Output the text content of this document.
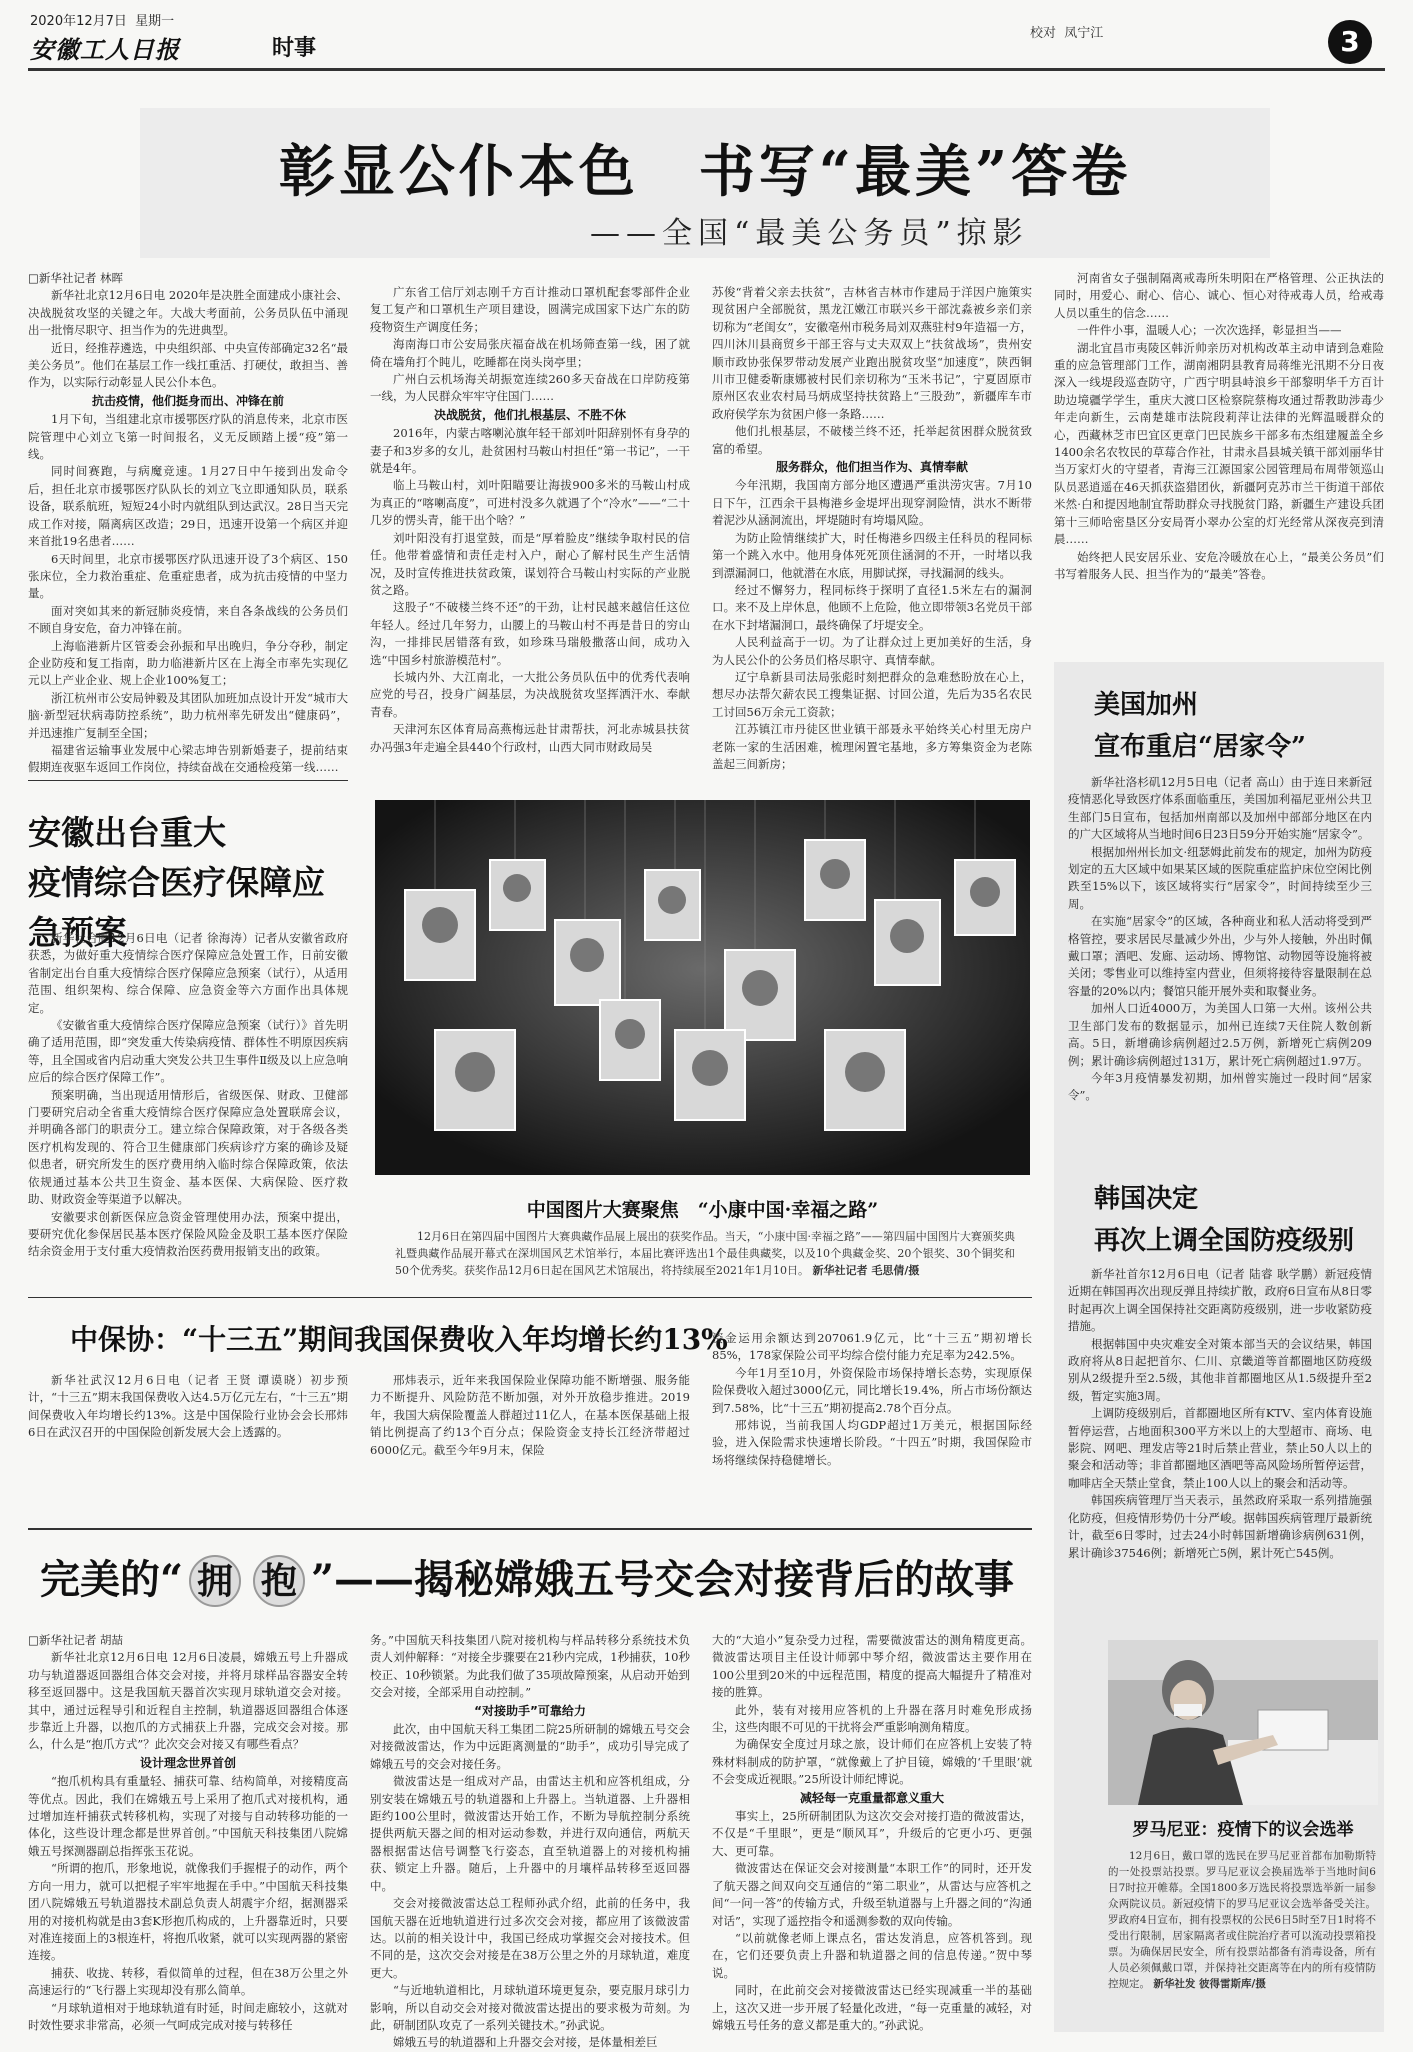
2020年12月7日 星期一
安徽工人日报	时事
校对 凤宁江	3
彰显公仆本色　书写“最美”答卷
——全国“最美公务员”掠影
□新华社记者 林晖

新华社北京12月6日电 2020年是决胜全面建成小康社会、决战脱贫攻坚的关键之年。大战大考面前，公务员队伍中涌现出一批惰尽职守、担当作为的先进典型。

近日，经推荐遴选，中央组织部、中央宣传部确定32名“最美公务员”。他们在基层工作一线扛重活、打硬仗，敢担当、善作为，以实际行动彰显人民公仆本色。

抗击疫情，他们挺身而出、冲锋在前

1月下旬，当组建北京市援鄂医疗队的消息传来，北京市医院管理中心刘立飞第一时间报名，义无反顾踏上援“疫”第一线。

同时间赛跑，与病魔竞速。1月27日中午接到出发命令后，担任北京市援鄂医疗队队长的刘立飞立即通知队员，联系设备，联系航班，短短24小时内就组队到达武汉。28日当天完成工作对接，隔离病区改造；29日，迅速开设第一个病区并迎来首批19名患者……

6天时间里，北京市援鄂医疗队迅速开设了3个病区、150张床位，全力救治重症、危重症患者，成为抗击疫情的中坚力量。

面对突如其来的新冠肺炎疫情，来自各条战线的公务员们不顾自身安危，奋力冲锋在前。

上海临港新片区管委会孙振和早出晚归，争分夺秒，制定企业防疫和复工指南，助力临港新片区在上海全市率先实现亿元以上产业企业、规上企业100%复工；

浙江杭州市公安局钟毅及其团队加班加点设计开发“城市大脑·新型冠状病毒防控系统”，助力杭州率先研发出“健康码”，并迅速推广复制至全国；

福建省运输事业发展中心梁志坤告别新婚妻子，提前结束假期连夜驱车返回工作岗位，持续奋战在交通检疫第一线……

广东省工信厅刘志刚千方百计推动口罩机配套零部件企业复工复产和口罩机生产项目建设，圆满完成国家下达广东的防疫物资生产调度任务；

海南海口市公安局张庆福奋战在机场筛查第一线，困了就倚在墙角打个盹儿，吃睡都在岗头岗亭里；

广州白云机场海关胡振宽连续260多天奋战在口岸防疫第一线，为人民群众牢牢守住国门……

决战脱贫，他们扎根基层、不胜不休

2016年，内蒙古喀喇沁旗年轻干部刘叶阳辞别怀有身孕的妻子和3岁多的女儿，赴贫困村马鞍山村担任“第一书记”，一干就是4年。

临上马鞍山村，刘叶阳瞄要让海拔900多米的马鞍山村成为真正的“喀喇高度”，可进村没多久就遇了个“冷水”——“二十几岁的愣头青，能干出个啥？”

刘叶阳没有打退堂鼓，而是“厚着脸皮”继续争取村民的信任。他带着盛情和责任走村入户，耐心了解村民生产生活情况，及时宣传推进扶贫政策，谋划符合马鞍山村实际的产业脱贫之路。

这股子“不破楼兰终不还”的干劲，让村民越来越信任这位年轻人。经过几年努力，山腰上的马鞍山村不再是昔日的穷山沟，一排排民居错落有致，如珍珠马瑞般撒落山间，成功入选“中国乡村旅游模范村”。

长城内外、大江南北，一大批公务员队伍中的优秀代表响应党的号召，投身广阔基层，为决战脱贫攻坚挥洒汗水、奉献青春。

天津河东区体育局高燕梅远赴甘肃帮扶，河北赤城县扶贫办冯强3年走遍全县440个行政村，山西大同市财政局吴

苏俊“背着父亲去扶贫”，吉林省吉林市作建局于洋因户施策实现贫困户全部脱贫，黑龙江嫩江市联兴乡干部沈淼被乡亲们亲切称为“老闺女”，安徽亳州市税务局刘双燕驻村9年造福一方，四川沐川县商贸乡干部王容与丈夫双双上“扶贫战场”，贵州安顺市政协张保罗带动发展产业跑出脱贫攻坚“加速度”，陕西铜川市卫健委靳康娜被村民们亲切称为“玉米书记”，宁夏固原市原州区农业农村局马炳成坚持扶贫路上“三股劲”，新疆库车市政府侯学东为贫困户修一条路……

他们扎根基层，不破楼兰终不还，托举起贫困群众脱贫致富的希望。

服务群众，他们担当作为、真情奉献

今年汛期，我国南方部分地区遭遇严重洪涝灾害。7月10日下午，江西余干县梅港乡金堤坪出现穿洞险情，洪水不断带着泥沙从涵洞流出，坪堤随时有垮塌风险。

为防止险情继续扩大，时任梅港乡四级主任科员的程同标第一个跳入水中。他用身体死死顶住涵洞的不开，一时堵以我到漂漏洞口，他就潜在水底，用脚试探，寻找漏洞的线头。

经过不懈努力，程同标终于探明了直径1.5米左右的漏洞口。来不及上岸休息，他顾不上危险，他立即带领3名党员干部在水下封堵漏洞口，最终确保了圩堤安全。

人民利益高于一切。为了让群众过上更加美好的生活，身为人民公仆的公务员们格尽职守、真情奉献。

辽宁阜新县司法局张彪时刻把群众的急难愁盼放在心上，想尽办法帮欠薪农民工搜集证据、讨回公道，先后为35名农民工讨回56万余元工资款；

江苏镇江市丹徒区世业镇干部聂永平始终关心村里无房户老陈一家的生活困难，梳理闲置宅基地，多方筹集资金为老陈盖起三间新房；

河南省女子强制隔离戒毒所朱明阳在严格管理、公正执法的同时，用爱心、耐心、信心、诚心、恒心对待戒毒人员，给戒毒人员以重生的信念……

一件件小事，温暖人心；一次次选择，彰显担当——

湖北宜昌市夷陵区韩沂帅亲历对机构改革主动申请到急难险重的应急管理部门工作，湖南湘阴县教育局蒋维光汛期不分日夜深入一线堤段巡查防守，广西宁明县峙浪乡干部黎明华千方百计助边境疆学学生，重庆大渡口区检察院蔡梅攻通过帮教助涉毒少年走向新生，云南楚雄市法院段莉萍让法律的光辉温暖群众的心，西藏林芝市巴宜区更章门巴民族乡干部多布杰组建履盖全乡1400余名农牧民的草莓合作社，甘肃永昌县城关镇干部刘丽华甘当万家灯火的守望者，青海三江源国家公园管理局布周带领巡山队员恶逍遥在46天抓获盗猎团伙，新疆阿克苏市兰干街道干部依米然·白和提因地制宜帮助群众寻找脱贫门路，新疆生产建设兵团第十三师哈密垦区分安局胥小翠办公室的灯光经常从深夜亮到清晨……

始终把人民安居乐业、安危冷暖放在心上，“最美公务员”们书写着服务人民、担当作为的“最美”答卷。

安徽出台重大
疫情综合医疗保障应急预案

新华社合肥12月6日电（记者 徐海涛）记者从安徽省政府获悉，为做好重大疫情综合医疗保障应急处置工作，日前安徽省制定出台自重大疫情综合医疗保障应急预案（试行），从适用范围、组织架构、综合保障、应急资金等六方面作出具体规定。

《安徽省重大疫情综合医疗保障应急预案（试行）》首先明确了适用范围，即“突发重大传染病疫情、群体性不明原因疾病等，且全国或省内启动重大突发公共卫生事件Ⅱ级及以上应急响应后的综合医疗保障工作”。

预案明确，当出现适用情形后，省级医保、财政、卫健部门要研究启动全省重大疫情综合医疗保障应急处置联席会议，并明确各部门的职责分工。建立综合保障政策，对于各级各类医疗机构发现的、符合卫生健康部门疾病诊疗方案的确诊及疑似患者，研究所发生的医疗费用纳入临时综合保障政策，依法依规通过基本公共卫生资金、基本医保、大病保险、医疗救助、财政资金等渠道予以解决。

安徽要求创新医保应急资金管理使用办法，预案中提出，要研究优化参保居民基本医疗保险风险金及职工基本医疗保险结余资金用于支付重大疫情救治医药费用报销支出的政策。

中国图片大赛聚焦　“小康中国·幸福之路”
12月6日在第四届中国图片大赛典藏作品展上展出的获奖作品。当天，“小康中国·幸福之路”——第四届中国图片大赛颁奖典礼暨典藏作品展开幕式在深圳国风艺术馆举行，本届比赛评选出1个最佳典藏奖，以及10个典藏金奖、20个银奖、30个铜奖和50个优秀奖。获奖作品12月6日起在国风艺术馆展出，将持续展至2021年1月10日。 新华社记者 毛思倩/摄
中保协：“十三五”期间我国保费收入年均增长约13%

新华社武汉12月6日电（记者 王贤 谭谟晓）初步预计，“十三五”期末我国保费收入达4.5万亿元左右，“十三五”期间保费收入年均增长约13%。这是中国保险行业协会会长邢炜6日在武汉召开的中国保险创新发展大会上透露的。

邢炜表示，近年来我国保险业保障功能不断增强、服务能力不断提升、风险防范不断加强，对外开放稳步推进。2019年，我国大病保险覆盖人群超过11亿人，在基本医保基础上报销比例提高了约13个百分点；保险资金支持长江经济带超过6000亿元。截至今年9月末，保险

资金运用余额达到207061.9亿元，比“十三五”期初增长85%，178家保险公司平均综合偿付能力充足率为242.5%。

今年1月至10月，外资保险市场保持增长态势，实现原保险保费收入超过3000亿元，同比增长19.4%，所占市场份额达到7.58%，比“十三五”期初提高2.78个百分点。

邢炜说，当前我国人均GDP超过1万美元，根据国际经验，进入保险需求快速增长阶段。“十四五”时期，我国保险市场将继续保持稳健增长。

完美的“ 拥 抱 ”——揭秘嫦娥五号交会对接背后的故事
□新华社记者 胡喆

新华社北京12月6日电 12月6日凌晨，嫦娥五号上升器成功与轨道器返回器组合体交会对接，并将月球样品容器安全转移至返回器中。这是我国航天器首次实现月球轨道交会对接。其中，通过远程导引和近程自主控制，轨道器返回器组合体逐步靠近上升器，以抱爪的方式捕获上升器，完成交会对接。那么，什么是“抱爪方式”？此次交会对接又有哪些看点？

设计理念世界首创

“抱爪机构具有重量轻、捕获可靠、结构简单，对接精度高等优点。因此，我们在嫦娥五号上采用了抱爪式对接机构，通过增加连杆捕获式转移机构，实现了对接与自动转移功能的一体化，这些设计理念都是世界首创。”中国航天科技集团八院嫦娥五号探测器副总指挥张玉花说。

“所谓的抱爪，形象地说，就像我们手握棍子的动作，两个方向一用力，就可以把棍子牢牢地握在手中。”中国航天科技集团八院嫦娥五号轨道器技术副总负责人胡震宇介绍，据测器采用的对接机构就是由3套K形抱爪构成的，上升器靠近时，只要对准连接面上的3根连杆，将抱爪收紧，就可以实现两器的紧密连接。

捕获、收拢、转移，看似简单的过程，但在38万公里之外高速运行的“飞行器上实现却没有那么简单。

“月球轨道相对于地球轨道有时延，时间走廊较小，这就对时效性要求非常高，必须一气呵成完成对接与转移任

务。”中国航天科技集团八院对接机构与样品转移分系统技术负责人刘仲解释：“对接全步骤要在21秒内完成，1秒捕获，10秒校正、10秒锁紧。为此我们做了35项故障预案，从启动开始到交会对接，全部采用自动控制。”

“对接助手”可靠给力

此次，由中国航天科工集团二院25所研制的嫦娥五号交会对接微波雷达，作为中远距离测量的“助手”，成功引导完成了嫦娥五号的交会对接任务。

微波雷达是一组成对产品，由雷达主机和应答机组成，分别安装在嫦娥五号的轨道器和上升器上。当轨道器、上升器相距约100公里时，微波雷达开始工作，不断为导航控制分系统提供两航天器之间的相对运动参数，并进行双向通信，两航天器根据雷达信号调整飞行姿态，直至轨道器上的对接机构捕获、锁定上升器。随后，上升器中的月壤样品转移至返回器中。

交会对接微波雷达总工程师孙武介绍，此前的任务中，我国航天器在近地轨道进行过多次交会对接，都应用了该微波雷达。以前的相关设计中，我国已经成功掌握交会对接技术。但不同的是，这次交会对接是在38万公里之外的月球轨道，难度更大。

“与近地轨道相比，月球轨道环境更复杂，要克服月球引力影响，所以自动交会对接对微波雷达提出的要求极为苛刻。为此，研制团队攻克了一系列关键技术。”孙武说。

嫦娥五号的轨道器和上升器交会对接，是体量相差巨

大的“大追小”复杂受力过程，需要微波雷达的测角精度更高。微波雷达项目主任设计师郭中琴介绍，微波雷达主要作用在100公里到20米的中远程范围，精度的提高大幅提升了精准对接的胜算。

此外，装有对接用应答机的上升器在落月时难免形成扬尘，这些肉眼不可见的干扰将会严重影响测角精度。

为确保安全度过月球之旅，设计师们在应答机上安装了特殊材料制成的防护罩，“就像戴上了护目镜，嫦娥的‘千里眼’就不会变成近视眼。”25所设计师纪博说。

减轻每一克重量都意义重大

事实上，25所研制团队为这次交会对接打造的微波雷达，不仅是“千里眼”，更是“顺风耳”，升级后的它更小巧、更强大、更可靠。

微波雷达在保证交会对接测量“本职工作”的同时，还开发了航天器之间双向交互通信的“第二职业”，从雷达与应答机之间“一问一答”的传输方式，升级至轨道器与上升器之间的“沟通对话”，实现了遥控指令和遥测参数的双向传输。

“以前就像老师上课点名，雷达发消息，应答机答到。现在，它们还要负责上升器和轨道器之间的信息传递。”贺中琴说。

同时，在此前交会对接微波雷达已经实现减重一半的基础上，这次又进一步开展了轻量化改进，“每一克重量的减轻，对嫦娥五号任务的意义都是重大的。”孙武说。

美国加州
宣布重启“居家令”

新华社洛杉矶12月5日电（记者 高山）由于连日来新冠疫情恶化导致医疗体系面临重压，美国加利福尼亚州公共卫生部门5日宣布，包括加州南部以及加州中部部分地区在内的广大区域将从当地时间6日23日59分开始实施“居家令”。

根据加州州长加文·纽瑟姆此前发布的规定，加州为防疫划定的五大区域中如果某区域的医院重症监护床位空闲比例跌至15%以下，该区域将实行“居家令”，时间持续至少三周。

在实施“居家令”的区域，各种商业和私人活动将受到严格管控，要求居民尽量减少外出，少与外人接触，外出时佩戴口罩；酒吧、发廊、运动场、博物馆、动物园等设施将被关闭；零售业可以维持室内营业，但须将接待容量限制在总容量的20%以内；餐馆只能开展外卖和取餐业务。

加州人口近4000万，为美国人口第一大州。该州公共卫生部门发布的数据显示，加州已连续7天住院人数创新高。5日，新增确诊病例超过2.5万例，新增死亡病例209例；累计确诊病例超过131万，累计死亡病例超过1.97万。

今年3月疫情暴发初期，加州曾实施过一段时间“居家令”。

韩国决定
再次上调全国防疫级别

新华社首尔12月6日电（记者 陆睿 耿学鹏）新冠疫情近期在韩国再次出现反弹且持续扩散，政府6日宣布从8日零时起再次上调全国保持社交距离防疫级别，进一步收紧防疫措施。

根据韩国中央灾难安全对策本部当天的会议结果，韩国政府将从8日起把首尔、仁川、京畿道等首都圈地区防疫级别从2级提升至2.5级，其他非首都圈地区从1.5级提升至2级，暂定实施3周。

上调防疫级别后，首都圈地区所有KTV、室内体育设施暂停运营，占地面积300平方米以上的大型超市、商场、电影院、网吧、理发店等21时后禁止营业，禁止50人以上的聚会和活动等；非首都圈地区酒吧等高风险场所暂停运营，咖啡店全天禁止堂食，禁止100人以上的聚会和活动等。

韩国疾病管理厅当天表示，虽然政府采取一系列措施强化防疫，但疫情形势仍十分严峻。据韩国疾病管理厅最新统计，截至6日零时，过去24小时韩国新增确诊病例631例，累计确诊37546例；新增死亡5例，累计死亡545例。

罗马尼亚：疫情下的议会选举
12月6日，戴口罩的选民在罗马尼亚首都布加勒斯特的一处投票站投票。罗马尼亚议会换届选举于当地时间6日7时拉开帷幕。全国1800多万选民将投票选举新一届参众两院议员。新冠疫情下的罗马尼亚议会选举备受关注。罗政府4日宣布，拥有投票权的公民6日5时至7日1时将不受出行限制，居家隔离者或住院治疗者可以流动投票箱投票。为确保居民安全，所有投票站都备有消毒设备，所有人员必须佩戴口罩，并保持社交距离等在内的所有疫情防控规定。 新华社发 彼得雷斯库/摄
